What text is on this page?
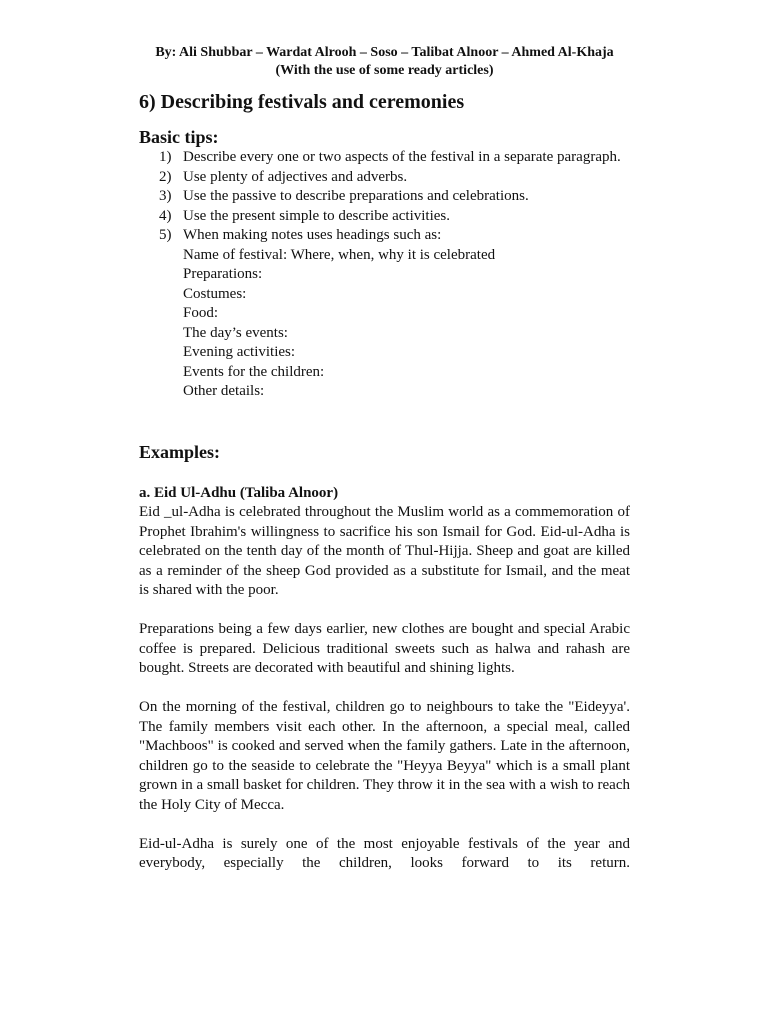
By: Ali Shubbar – Wardat Alrooh – Soso – Talibat Alnoor – Ahmed Al-Khaja
(With the use of some ready articles)
6) Describing festivals and ceremonies
Basic tips:
1) Describe every one or two aspects of the festival in a separate paragraph.
2) Use plenty of adjectives and adverbs.
3) Use the passive to describe preparations and celebrations.
4) Use the present simple to describe activities.
5) When making notes uses headings such as:
Name of festival: Where, when, why it is celebrated
Preparations:
Costumes:
Food:
The day’s events:
Evening activities:
Events for the children:
Other details:
Examples:
a. Eid Ul-Adhu (Taliba Alnoor)

Eid _ul-Adha is celebrated throughout the Muslim world as a commemoration of Prophet Ibrahim's willingness to sacrifice his son Ismail for God. Eid-ul-Adha is celebrated on the tenth day of the month of Thul-Hijja. Sheep and goat are killed as a reminder of the sheep God provided as a substitute for Ismail, and the meat is shared with the poor.

Preparations being a few days earlier, new clothes are bought and special Arabic coffee is prepared. Delicious traditional sweets such as halwa and rahash are bought. Streets are decorated with beautiful and shining lights.

On the morning of the festival, children go to neighbours to take the "Eideyya'. The family members visit each other. In the afternoon, a special meal, called "Machboos" is cooked and served when the family gathers. Late in the afternoon, children go to the seaside to celebrate the "Heyya Beyya" which is a small plant grown in a small basket for children. They throw it in the sea with a wish to reach the Holy City of Mecca.

Eid-ul-Adha is surely one of the most enjoyable festivals of the year and everybody, especially the children, looks forward to its return.
